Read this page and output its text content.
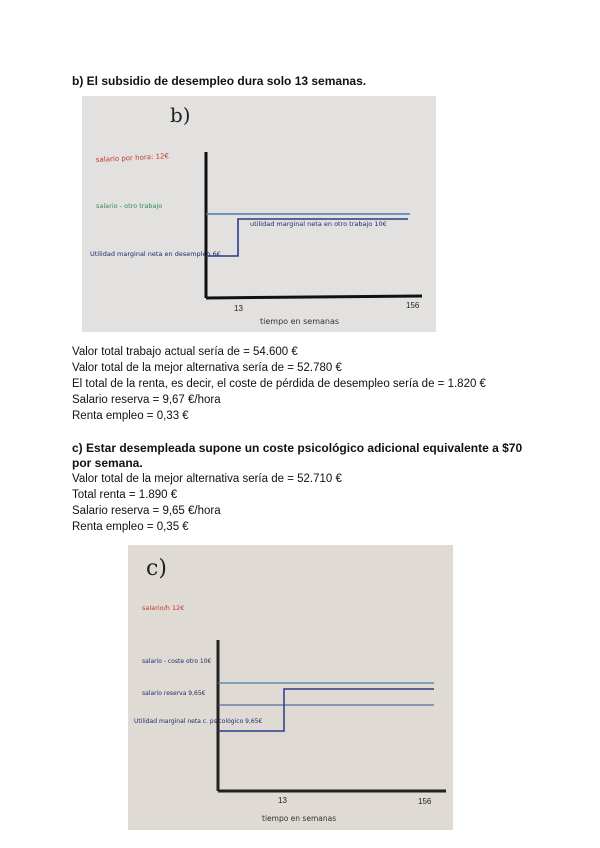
b) El subsidio de desempleo dura solo 13 semanas.
b)
salario por hora: 12€
salario - otro trabajo
Utilidad marginal neta en desempleo 6€
utilidad marginal neta en otro trabajo 10€
13	156
tiempo en semanas
Valor total trabajo actual sería de = 54.600 €
Valor total de la mejor alternativa sería de = 52.780 €
El total de la renta, es decir, el coste de pérdida de desempleo sería de = 1.820 €
Salario reserva = 9,67 €/hora
Renta empleo = 0,33 €
c) Estar desempleada supone un coste psicológico adicional equivalente a $70 por semana.
Valor total de la mejor alternativa sería de = 52.710 €
Total renta = 1.890 €
Salario reserva = 9,65 €/hora
Renta empleo = 0,35 €
c)
salario/h 12€
salario - coste otro 10€
salario reserva 9,65€
Utilidad marginal neta c. psicológico 9,65€
13	156
tiempo en semanas
